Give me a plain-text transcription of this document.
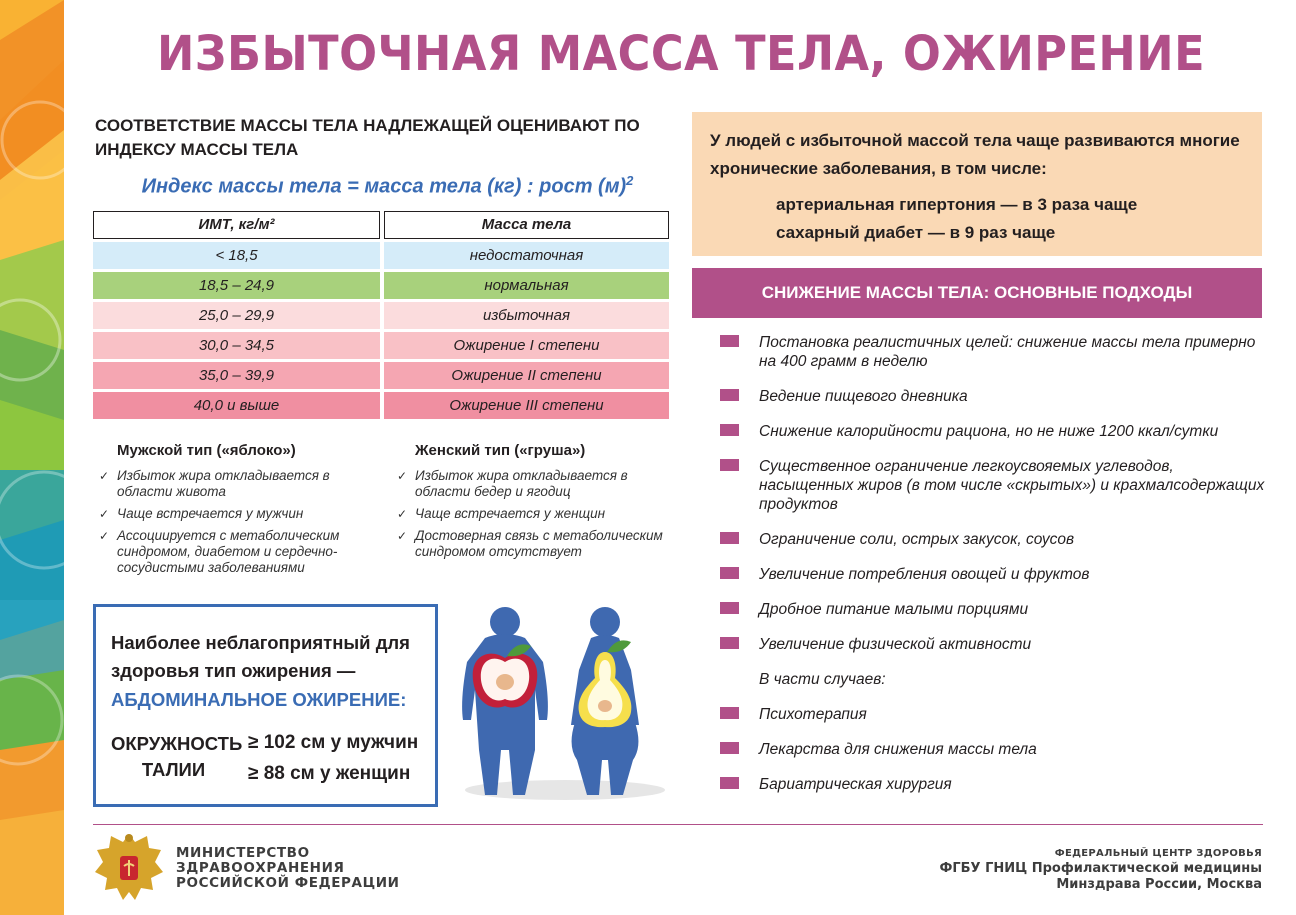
ИЗБЫТОЧНАЯ МАССА ТЕЛА, ОЖИРЕНИЕ
СООТВЕТСТВИЕ МАССЫ ТЕЛА НАДЛЕЖАЩЕЙ ОЦЕНИВАЮТ ПО ИНДЕКСУ МАССЫ ТЕЛА
Индекс массы тела = масса тела (кг) : рост $(м)^2$
ИМТ, кг/м²	Масса тела
< 18,5	недостаточная
18,5 – 24,9	нормальная
25,0 – 29,9	избыточная
30,0 – 34,5	Ожирение I степени
35,0 – 39,9	Ожирение II степени
40,0 и выше	Ожирение III степени
Мужской тип («яблоко»)
✓ Избыток жира откладывается в области живота
✓ Чаще встречается у мужчин
✓ Ассоциируется с метаболическим синдромом, диабетом и сердечно-сосудистыми заболеваниями
Женский тип («груша»)
✓ Избыток жира откладывается в области бедер и ягодиц
✓ Чаще встречается у женщин
✓ Достоверная связь с метаболическим синдромом отсутствует
Наиболее неблагоприятный для
здоровья тип ожирения —
АБДОМИНАЛЬНОЕ ОЖИРЕНИЕ:
ОКРУЖНОСТЬ
ТАЛИИ
≥ 102 см у мужчин
≥ 88 см у женщин
У людей с избыточной массой тела чаще развиваются многие хронические заболевания, в том числе:
артериальная гипертония — в 3 раза чаще
сахарный диабет — в 9 раз чаще
СНИЖЕНИЕ МАССЫ ТЕЛА: ОСНОВНЫЕ ПОДХОДЫ
Постановка реалистичных целей: снижение массы тела примерно на 400 грамм в неделю
Ведение пищевого дневника
Снижение калорийности рациона, но не ниже 1200 ккал/сутки
Существенное ограничение легкоусвояемых углеводов, насыщенных жиров (в том числе «скрытых») и крахмалсодержащих продуктов
Ограничение соли, острых закусок, соусов
Увеличение потребления овощей и фруктов
Дробное питание малыми порциями
Увеличение физической активности
В части случаев:
Психотерапия
Лекарства для снижения массы тела
Бариатрическая хирургия
МИНИСТЕРСТВО
ЗДРАВООХРАНЕНИЯ
РОССИЙСКОЙ ФЕДЕРАЦИИ
ФЕДЕРАЛЬНЫЙ ЦЕНТР ЗДОРОВЬЯ
ФГБУ ГНИЦ Профилактической медицины
Минздрава России, Москва
